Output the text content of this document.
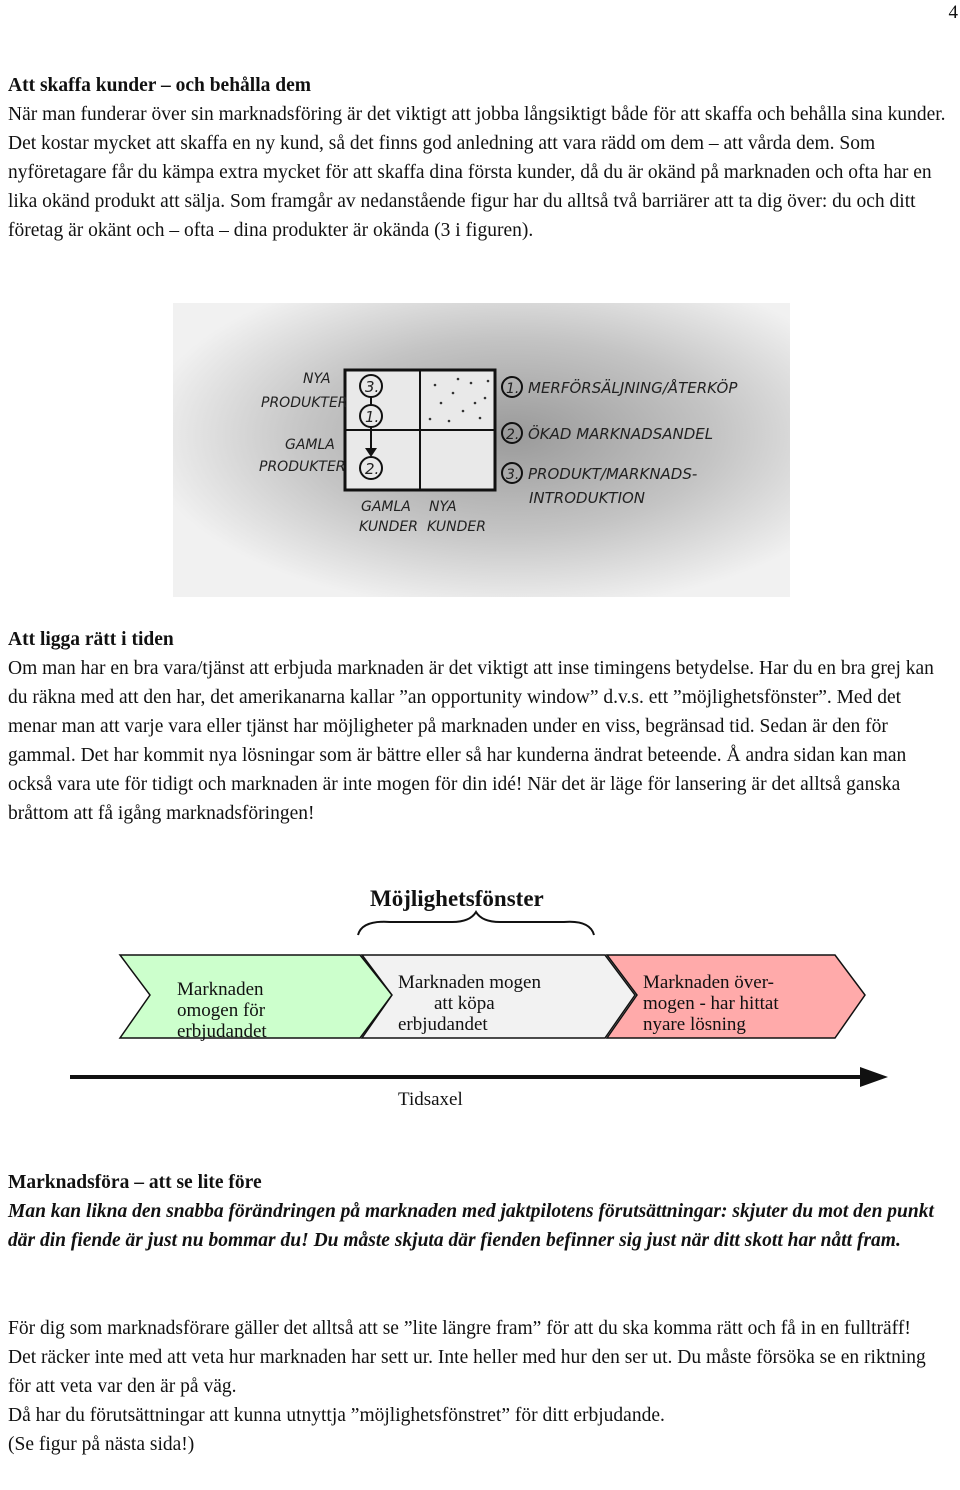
4
Att skaffa kunder – och behålla dem

När man funderar över sin marknadsföring är det viktigt att jobba långsiktigt både för att skaffa och behålla sina kunder. Det kostar mycket att skaffa en ny kund, så det finns god anledning att vara rädd om dem – att vårda dem. Som nyföretagare får du kämpa extra mycket för att skaffa dina första kunder, då du är okänd på marknaden och ofta har en lika okänd produkt att sälja. Som framgår av nedanstående figur har du alltså två barriärer att ta dig över: du och ditt företag är okänt och – ofta – dina produkter är okända (3 i figuren).

3.
1.
2.
NYA
PRODUKTER
GAMLA
PRODUKTER
GAMLA
KUNDER
NYA
KUNDER
1. MERFÖRSÄLJNING/ÅTERKÖP
2. ÖKAD MARKNADSANDEL
3. PRODUKT/MARKNADS-
INTRODUKTION
Att ligga rätt i tiden

Om man har en bra vara/tjänst att erbjuda marknaden är det viktigt att inse timingens betydelse. Har du en bra grej kan du räkna med att den har, det amerikanarna kallar ”an opportunity window” d.v.s. ett ”möjlighetsfönster”. Med det menar man att varje vara eller tjänst har möjligheter på marknaden under en viss, begränsad tid. Sedan är den för gammal. Det har kommit nya lösningar som är bättre eller så har kunderna ändrat beteende. Å andra sidan kan man också vara ute för tidigt och marknaden är inte mogen för din idé! När det är läge för lansering är det alltså ganska bråttom att få igång marknadsföringen!

Möjlighetsfönster
Marknaden
omogen för
erbjudandet
Marknaden mogen
att köpa
erbjudandet
Marknaden över-
mogen - har hittat
nyare lösning
Tidsaxel
Marknadsföra – att se lite före

Man kan likna den snabba förändringen på marknaden med jaktpilotens förutsättningar: skjuter du mot den punkt där din fiende är just nu bommar du! Du måste skjuta där fienden befinner sig just när ditt skott har nått fram.

För dig som marknadsförare gäller det alltså att se ”lite längre fram” för att du ska komma rätt och få in en fullträff!

Det räcker inte med att veta hur marknaden har sett ur. Inte heller med hur den ser ut. Du måste försöka se en riktning för att veta var den är på väg.

Då har du förutsättningar att kunna utnyttja ”möjlighetsfönstret” för ditt erbjudande.

(Se figur på nästa sida!)
